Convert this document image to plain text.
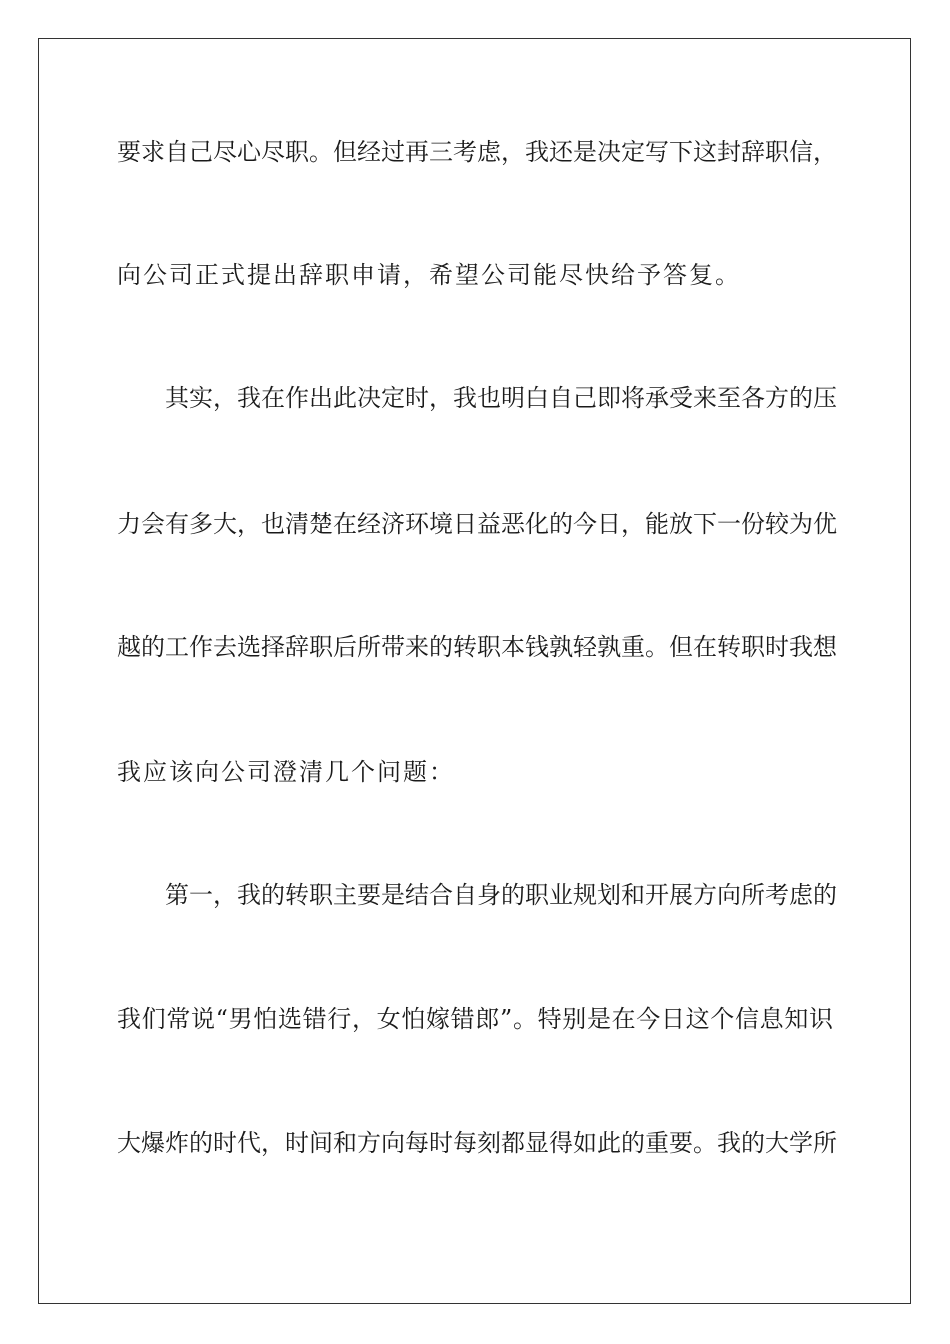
要求自己尽心尽职。但经过再三考虑，我还是决定写下这封辞职信，
向公司正式提出辞职申请，希望公司能尽快给予答复。
其实，我在作出此决定时，我也明白自己即将承受来至各方的压
力会有多大，也清楚在经济环境日益恶化的今日，能放下一份较为优
越的工作去选择辞职后所带来的转职本钱孰轻孰重。但在转职时我想
我应该向公司澄清几个问题：
第一，我的转职主要是结合自身的职业规划和开展方向所考虑的
我们常说“男怕选错行，女怕嫁错郎”。特别是在今日这个信息知识
大爆炸的时代，时间和方向每时每刻都显得如此的重要。我的大学所
